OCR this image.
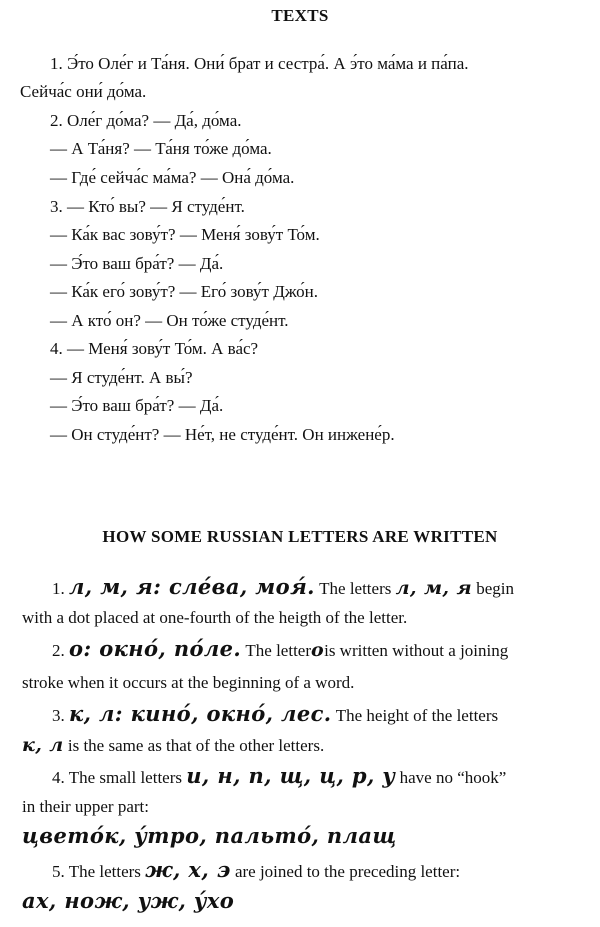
TEXTS
1. Э́то Оле́г и Та́ня. Они́ брат и сестра́. А э́то ма́ма и па́па.
Сейча́с они́ до́ма.
2. Оле́г до́ма? — Да́, до́ма.
— А Та́ня? — Та́ня то́же до́ма.
— Где́ сейча́с ма́ма? — Она́ до́ма.
3. — Кто́ вы? — Я студе́нт.
— Ка́к вас зову́т? — Меня́ зову́т То́м.
— Э́то ваш бра́т? — Да́.
— Ка́к его́ зову́т? — Его́ зову́т Джо́н.
— А кто́ он? — Он то́же студе́нт.
4. — Меня́ зову́т То́м. А ва́с?
— Я студе́нт. А вы́?
— Э́то ваш бра́т? — Да́.
— Он студе́нт? — Не́т, не студе́нт. Он инжене́р.
HOW SOME RUSSIAN LETTERS ARE WRITTEN
1. л, м, я: сле́ва, моя́. The letters л, м, я begin
with a dot placed at one-fourth of the heigth of the letter.
2. о: окно́, по́ле. The letterоis written without a joining
stroke when it occurs at the beginning of a word.
3. к, л: кино́, окно́, лес. The height of the letters
к, л is the same as that of the other letters.
4. The small letters и, н, п, щ, ц, р, у have no “hook”
in their upper part:
цвето́к, у́тро, пальто́, плащ
5. The letters ж, х, э are joined to the preceding letter:
ах, нож, уж, у́хо
